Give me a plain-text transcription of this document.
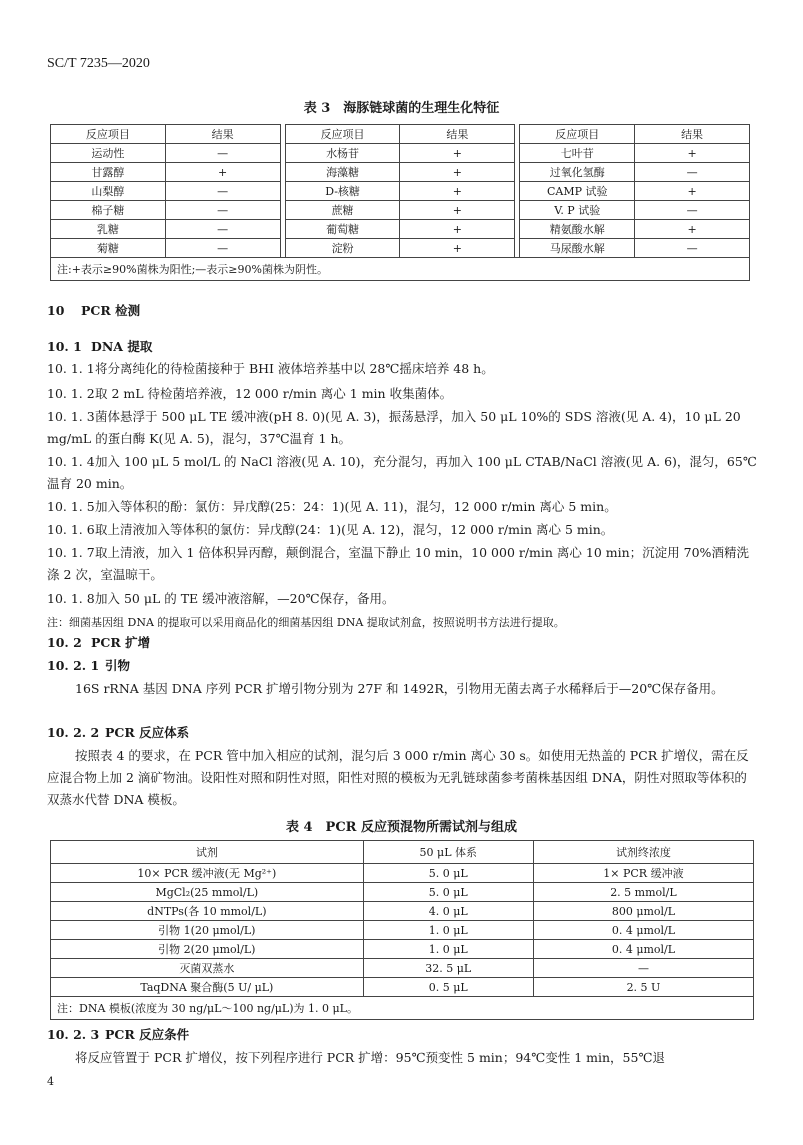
SC/T 7235—2020
表 3　海豚链球菌的生理生化特征
反应项目	结果		反应项目	结果		反应项目	结果
运动性	—		水杨苷	+		七叶苷	+
甘露醇	+		海藻糖	+		过氧化氢酶	—
山梨醇	—		D-核糖	+		CAMP 试验	+
棉子糖	—		蔗糖	+		V. P 试验	—
乳糖	—		葡萄糖	+		精氨酸水解	+
菊糖	—		淀粉	+		马尿酸水解	—
注:+表示≥90%菌株为阳性;—表示≥90%菌株为阴性。							
10 PCR 检测
10. 1 DNA 提取
10. 1. 1将分离纯化的待检菌接种于 BHI 液体培养基中以 28℃摇床培养 48 h。
10. 1. 2取 2 mL 待检菌培养液，12 000 r/min 离心 1 min 收集菌体。
10. 1. 3菌体悬浮于 500 μL TE 缓冲液(pH 8. 0)(见 A. 3)，振荡悬浮，加入 50 μL 10%的 SDS 溶液(见 A. 4)，10 μL 20 mg/mL 的蛋白酶 K(见 A. 5)，混匀，37℃温育 1 h。
10. 1. 4加入 100 μL 5 mol/L 的 NaCl 溶液(见 A. 10)，充分混匀，再加入 100 μL CTAB/NaCl 溶液(见 A. 6)，混匀，65℃温育 20 min。
10. 1. 5加入等体积的酚：氯仿：异戊醇(25：24：1)(见 A. 11)，混匀，12 000 r/min 离心 5 min。
10. 1. 6取上清液加入等体积的氯仿：异戊醇(24：1)(见 A. 12)，混匀，12 000 r/min 离心 5 min。
10. 1. 7取上清液，加入 1 倍体积异丙醇，颠倒混合，室温下静止 10 min，10 000 r/min 离心 10 min；沉淀用 70%酒精洗涤 2 次，室温晾干。
10. 1. 8加入 50 μL 的 TE 缓冲液溶解，—20℃保存，备用。
注：细菌基因组 DNA 的提取可以采用商品化的细菌基因组 DNA 提取试剂盒，按照说明书方法进行提取。
10. 2 PCR 扩增
10. 2. 1 引物
16S rRNA 基因 DNA 序列 PCR 扩增引物分别为 27F 和 1492R，引物用无菌去离子水稀释后于—20℃保存备用。
10. 2. 2 PCR 反应体系
按照表 4 的要求，在 PCR 管中加入相应的试剂，混匀后 3 000 r/min 离心 30 s。如使用无热盖的 PCR 扩增仪，需在反应混合物上加 2 滴矿物油。设阳性对照和阴性对照，阳性对照的模板为无乳链球菌参考菌株基因组 DNA，阴性对照取等体积的双蒸水代替 DNA 模板。
表 4　PCR 反应预混物所需试剂与组成
试剂	50 μL 体系	试剂终浓度
10× PCR 缓冲液(无 Mg²⁺)	5. 0 μL	1× PCR 缓冲液
MgCl₂(25 mmol/L)	5. 0 μL	2. 5 mmol/L
dNTPs(各 10 mmol/L)	4. 0 μL	800 μmol/L
引物 1(20 μmol/L)	1. 0 μL	0. 4 μmol/L
引物 2(20 μmol/L)	1. 0 μL	0. 4 μmol/L
灭菌双蒸水	32. 5 μL	—
TaqDNA 聚合酶(5 U/ μL)	0. 5 μL	2. 5 U
注：DNA 模板(浓度为 30 ng/μL～100 ng/μL)为 1. 0 μL。		
10. 2. 3 PCR 反应条件
将反应管置于 PCR 扩增仪，按下列程序进行 PCR 扩增：95℃预变性 5 min；94℃变性 1 min，55℃退
4
